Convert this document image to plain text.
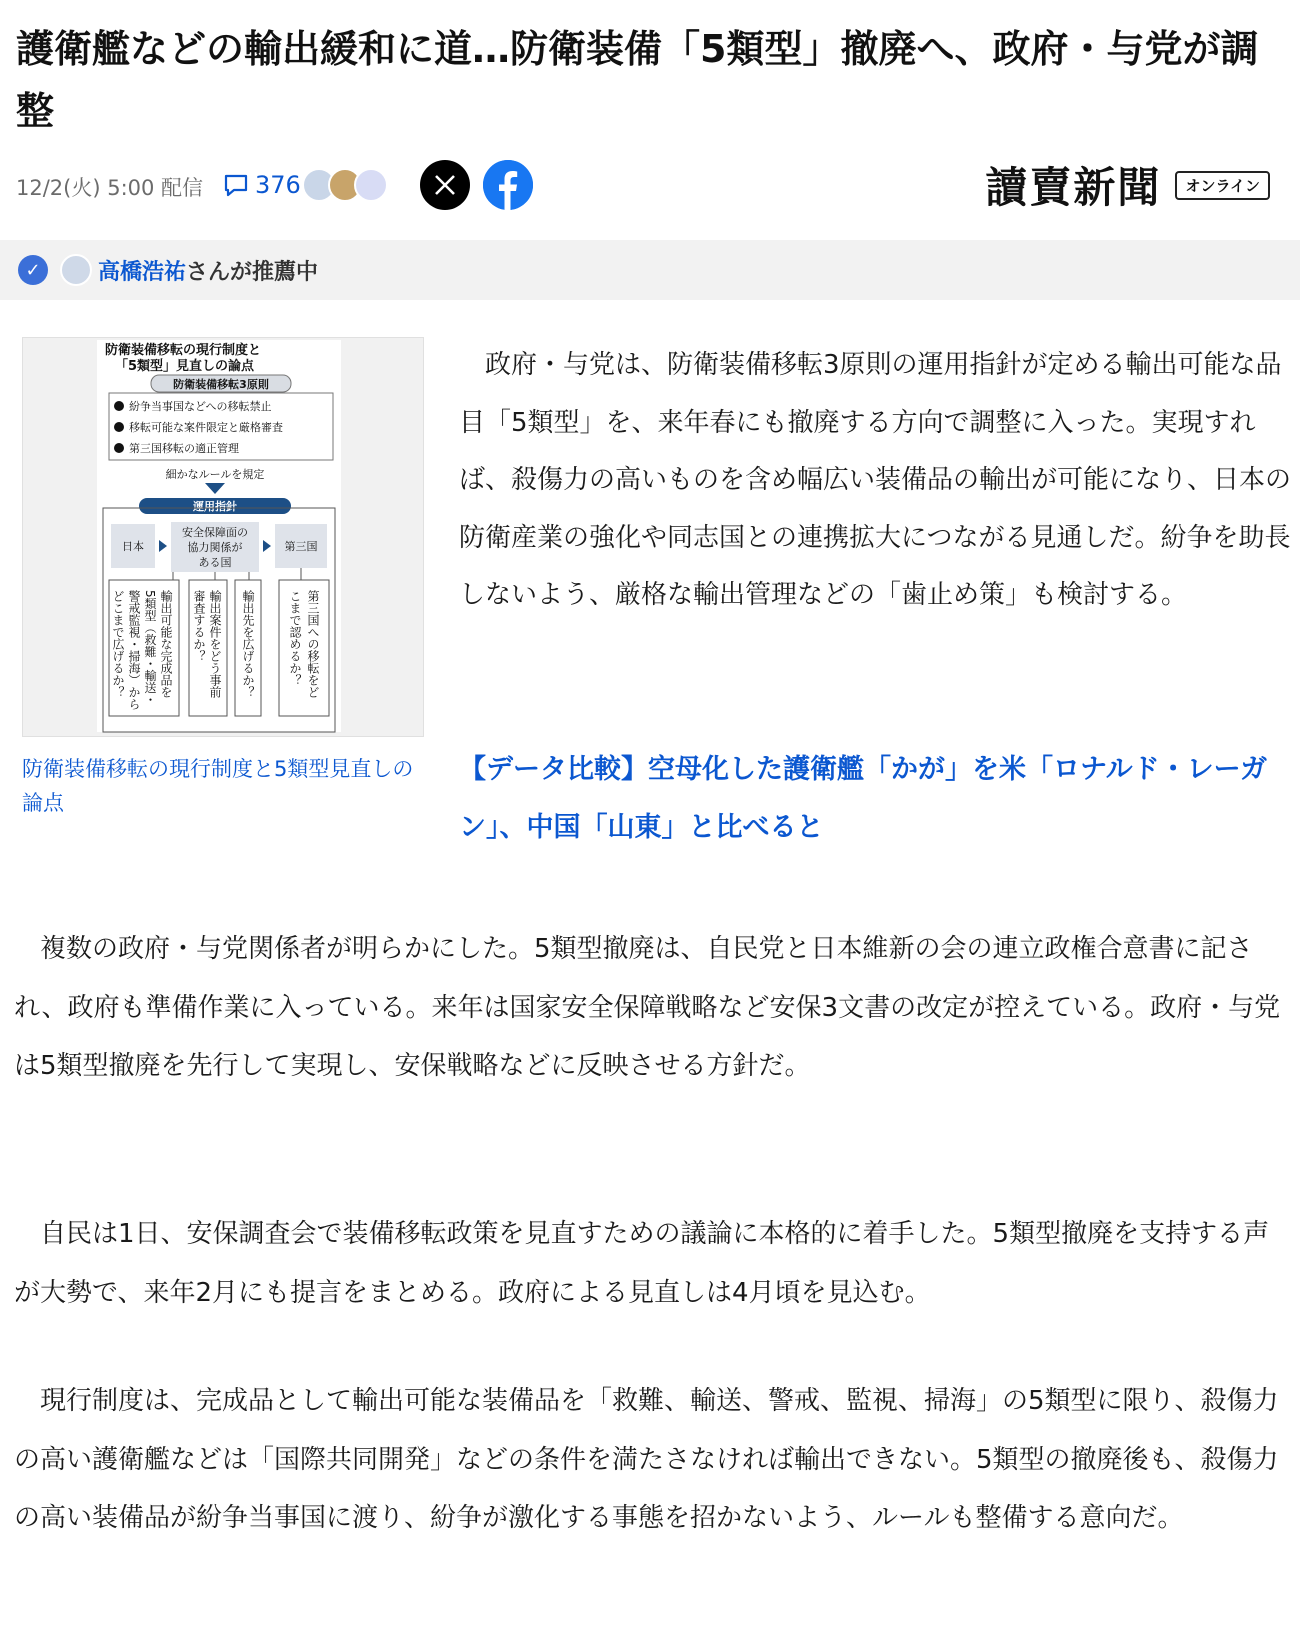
護衛艦などの輸出緩和に道…防衛装備「5類型」撤廃へ、政府・与党が調整
12/2(火) 5:00 配信 376	讀賣新聞	オンライン
✓	高橋浩祐 さんが推薦中
防衛装備移転の現行制度と
「5類型」見直しの論点
防衛装備移転3原則
紛争当事国などへの移転禁止
移転可能な案件限定と厳格審査
第三国移転の適正管理
細かなルールを規定
運用指針
日本
安全保障面の
協力関係が
ある国
第三国
輸出可能な完成品を
5類型（救難・輸送・
警戒監視・掃海）から
どこまで広げるか？	輸出案件をどう事前
審査するか？	輸出先を広げるか？	第三国への移転をど
こまで認めるか？
防衛装備移転の現行制度と5類型見直しの論点

　政府・与党は、防衛装備移転3原則の運用指針が定める輸出可能な品目「5類型」を、来年春にも撤廃する方向で調整に入った。実現すれば、殺傷力の高いものを含め幅広い装備品の輸出が可能になり、日本の防衛産業の強化や同志国との連携拡大につながる見通しだ。紛争を助長しないよう、厳格な輸出管理などの「歯止め策」も検討する。

【データ比較】空母化した護衛艦「かが」を米「ロナルド・レーガン」、中国「山東」と比べると

　複数の政府・与党関係者が明らかにした。5類型撤廃は、自民党と日本維新の会の連立政権合意書に記され、政府も準備作業に入っている。来年は国家安全保障戦略など安保3文書の改定が控えている。政府・与党は5類型撤廃を先行して実現し、安保戦略などに反映させる方針だ。

　自民は1日、安保調査会で装備移転政策を見直すための議論に本格的に着手した。5類型撤廃を支持する声が大勢で、来年2月にも提言をまとめる。政府による見直しは4月頃を見込む。

　現行制度は、完成品として輸出可能な装備品を「救難、輸送、警戒、監視、掃海」の5類型に限り、殺傷力の高い護衛艦などは「国際共同開発」などの条件を満たさなければ輸出できない。5類型の撤廃後も、殺傷力の高い装備品が紛争当事国に渡り、紛争が激化する事態を招かないよう、ルールも整備する意向だ。
